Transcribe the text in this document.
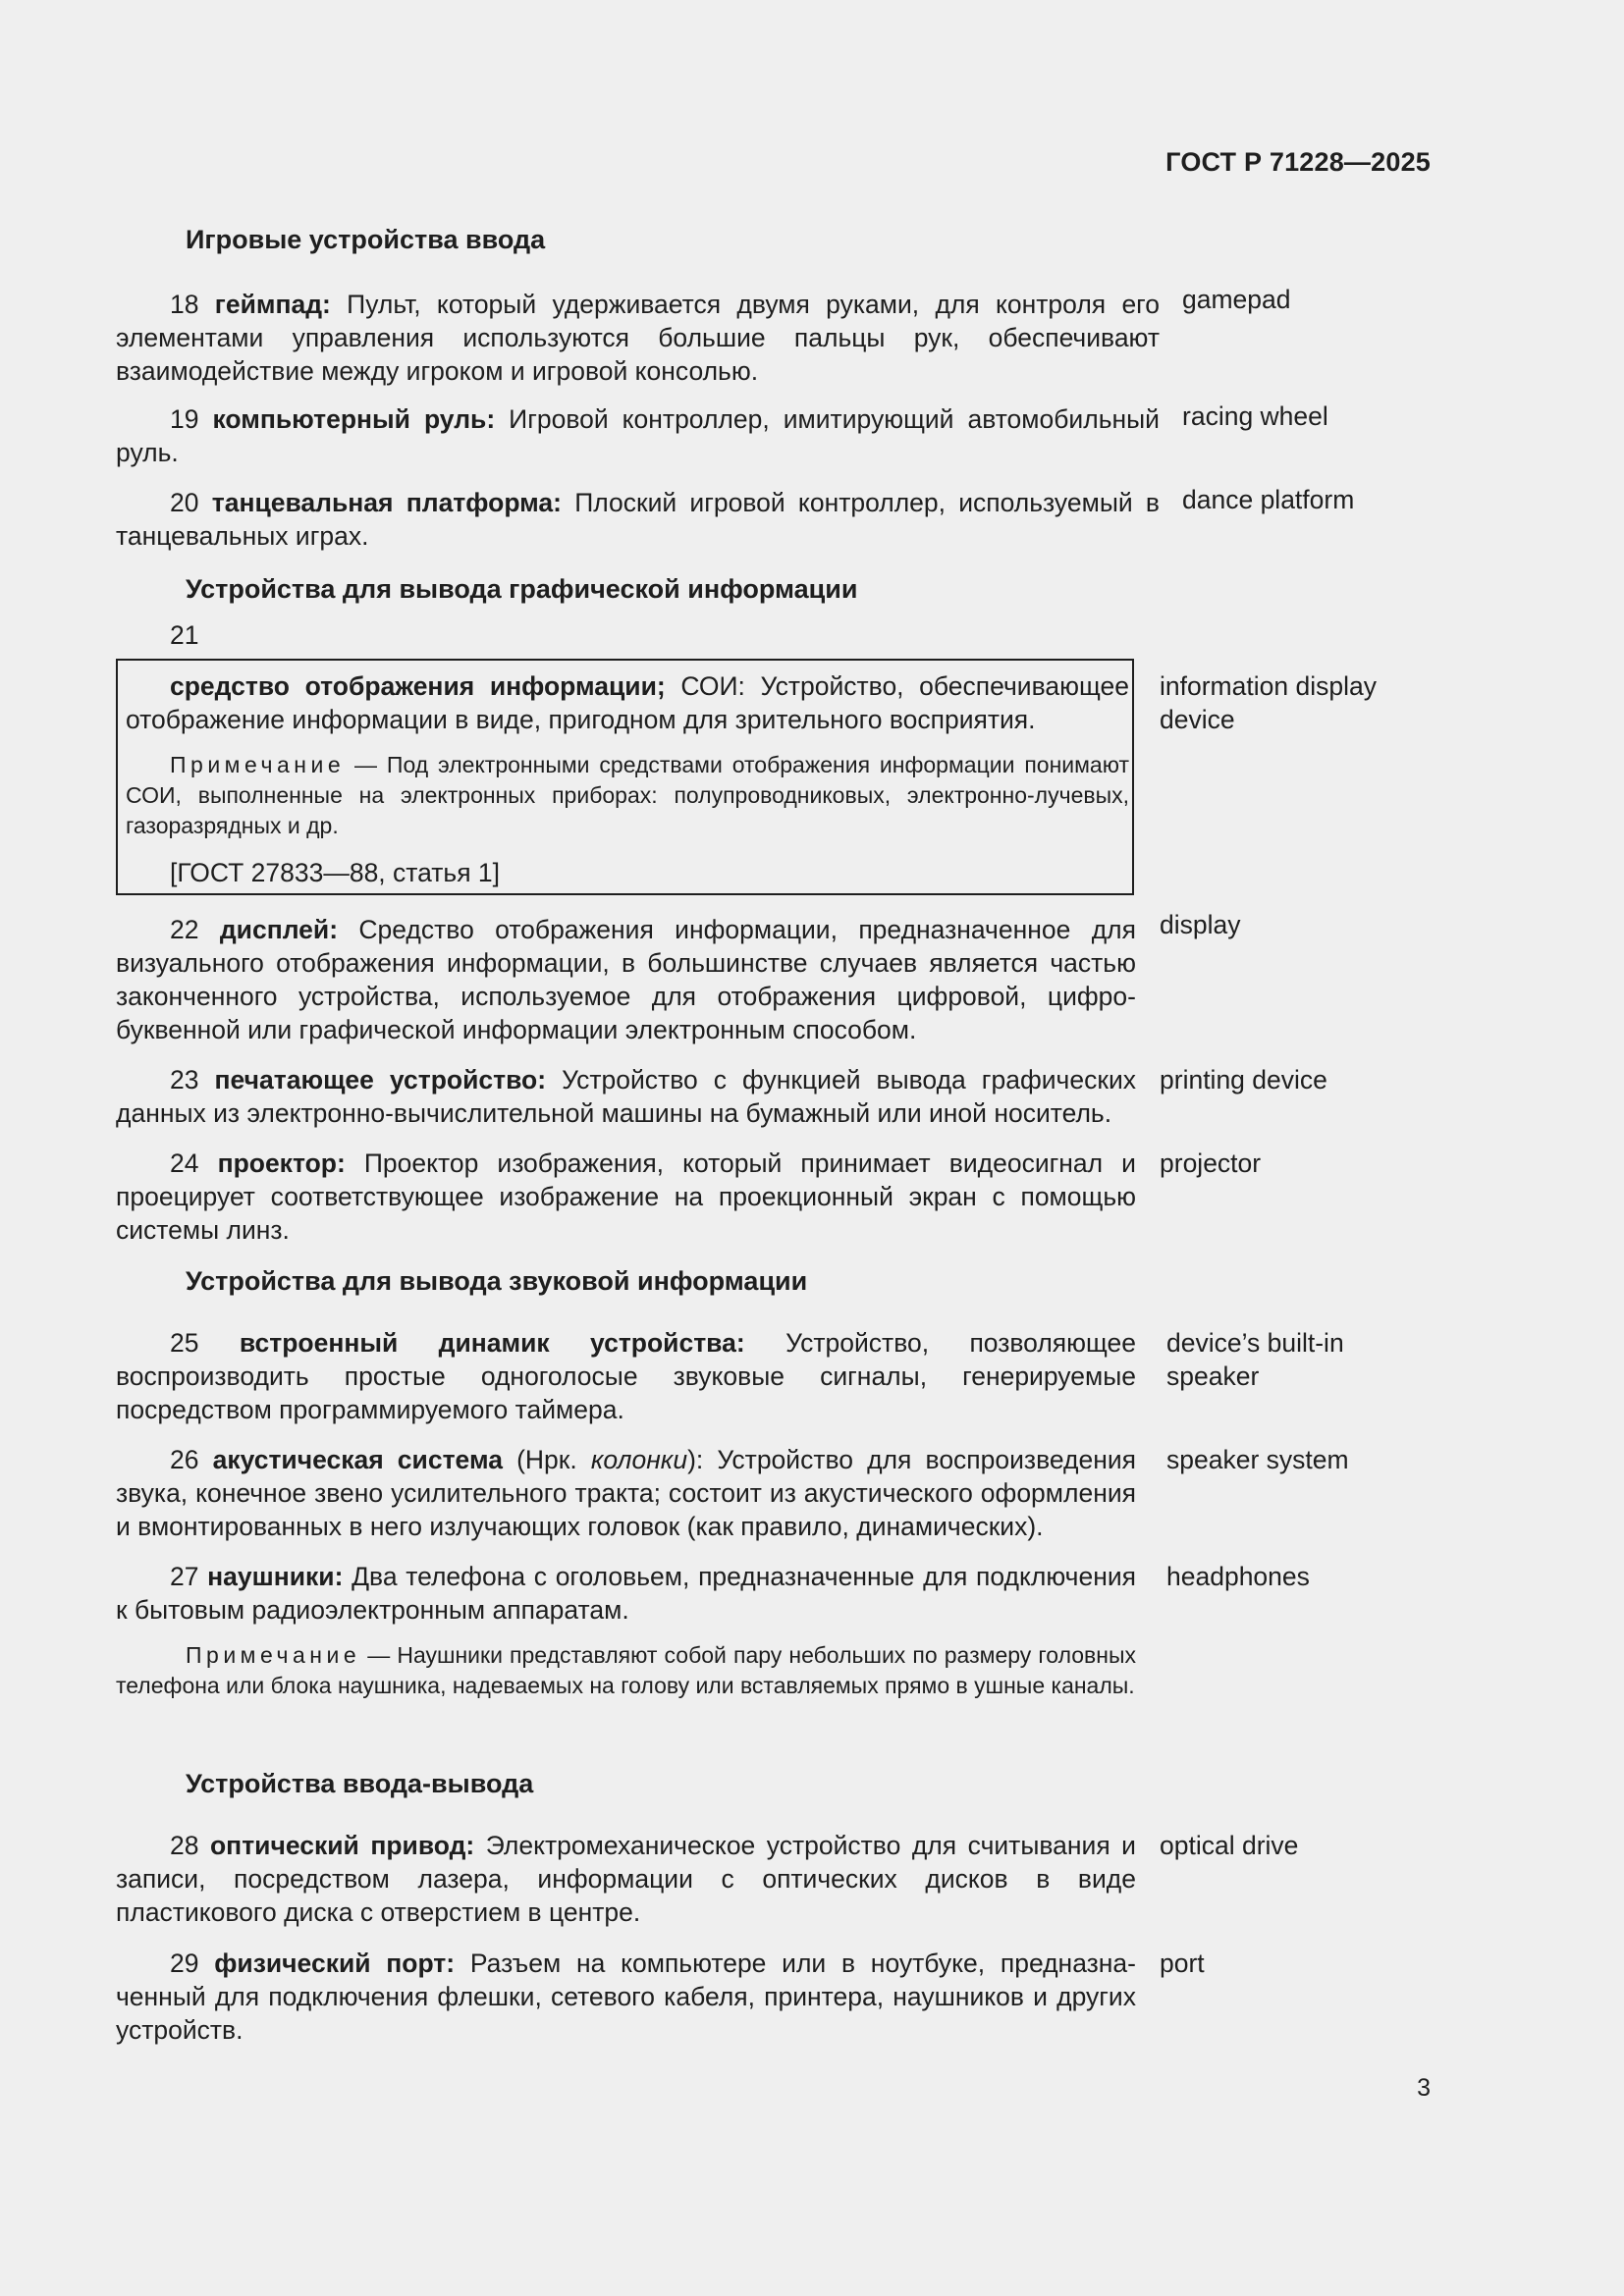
ГОСТ Р 71228—2025
Игровые устройства ввода

18 геймпад: Пульт, который удерживается двумя руками, для контроля его элементами управления используются большие пальцы рук, обеспечивают взаимодействие между игроком и игровой консолью.

gamepad

19 компьютерный руль: Игровой контроллер, имитирующий автомобильный руль.

racing wheel

20 танцевальная платформа: Плоский игровой контроллер, используемый в танцевальных играх.

dance platform
Устройства для вывода графической информации
21

средство отображения информации; СОИ: Устройство, обеспечивающее отображение информации в виде, пригодном для зрительного восприятия.

Примечание — Под электронными средствами отображения информации понимают СОИ, выполненные на электронных приборах: полупроводниковых, электронно-лучевых, газоразрядных и др.

[ГОСТ 27833—88, статья 1]
information display device

22 дисплей: Средство отображения информации, предназначенное для визуального отображения информации, в большинстве случаев является частью законченного устройства, используемое для отображения цифровой, цифро-буквенной или графической информации электронным способом.

display

23 печатающее устройство: Устройство с функцией вывода графических данных из электронно-вычислительной машины на бумажный или иной носитель.

printing device

24 проектор: Проектор изображения, который принимает видеосигнал и проецирует соответствующее изображение на проекционный экран с помощью системы линз.

projector
Устройства для вывода звуковой информации

25 встроенный динамик устройства: Устройство, позволяющее воспроизводить простые одноголосые звуковые сигналы, генерируемые посредством программируемого таймера.

device’s built-in speaker

26 акустическая система (Нрк. колонки): Устройство для воспроизведения звука, конечное звено усилительного тракта; состоит из акустического оформления и вмонтированных в него излучающих головок (как правило, динамических).

speaker system

27 наушники: Два телефона с оголовьем, предназначенные для подключения к бытовым радиоэлектронным аппаратам.

headphones

Примечание — Наушники представляют собой пару небольших по размеру головных телефона или блока наушника, надеваемых на голову или вставляемых прямо в ушные каналы.

Устройства ввода-вывода

28 оптический привод: Электромеханическое устройство для считывания и записи, посредством лазера, информации с оптических дисков в виде пластикового диска с отверстием в центре.

optical drive

29 физический порт: Разъем на компьютере или в ноутбуке, предназначенный для подключения флешки, сетевого кабеля, принтера, наушников и других устройств.

port
3
